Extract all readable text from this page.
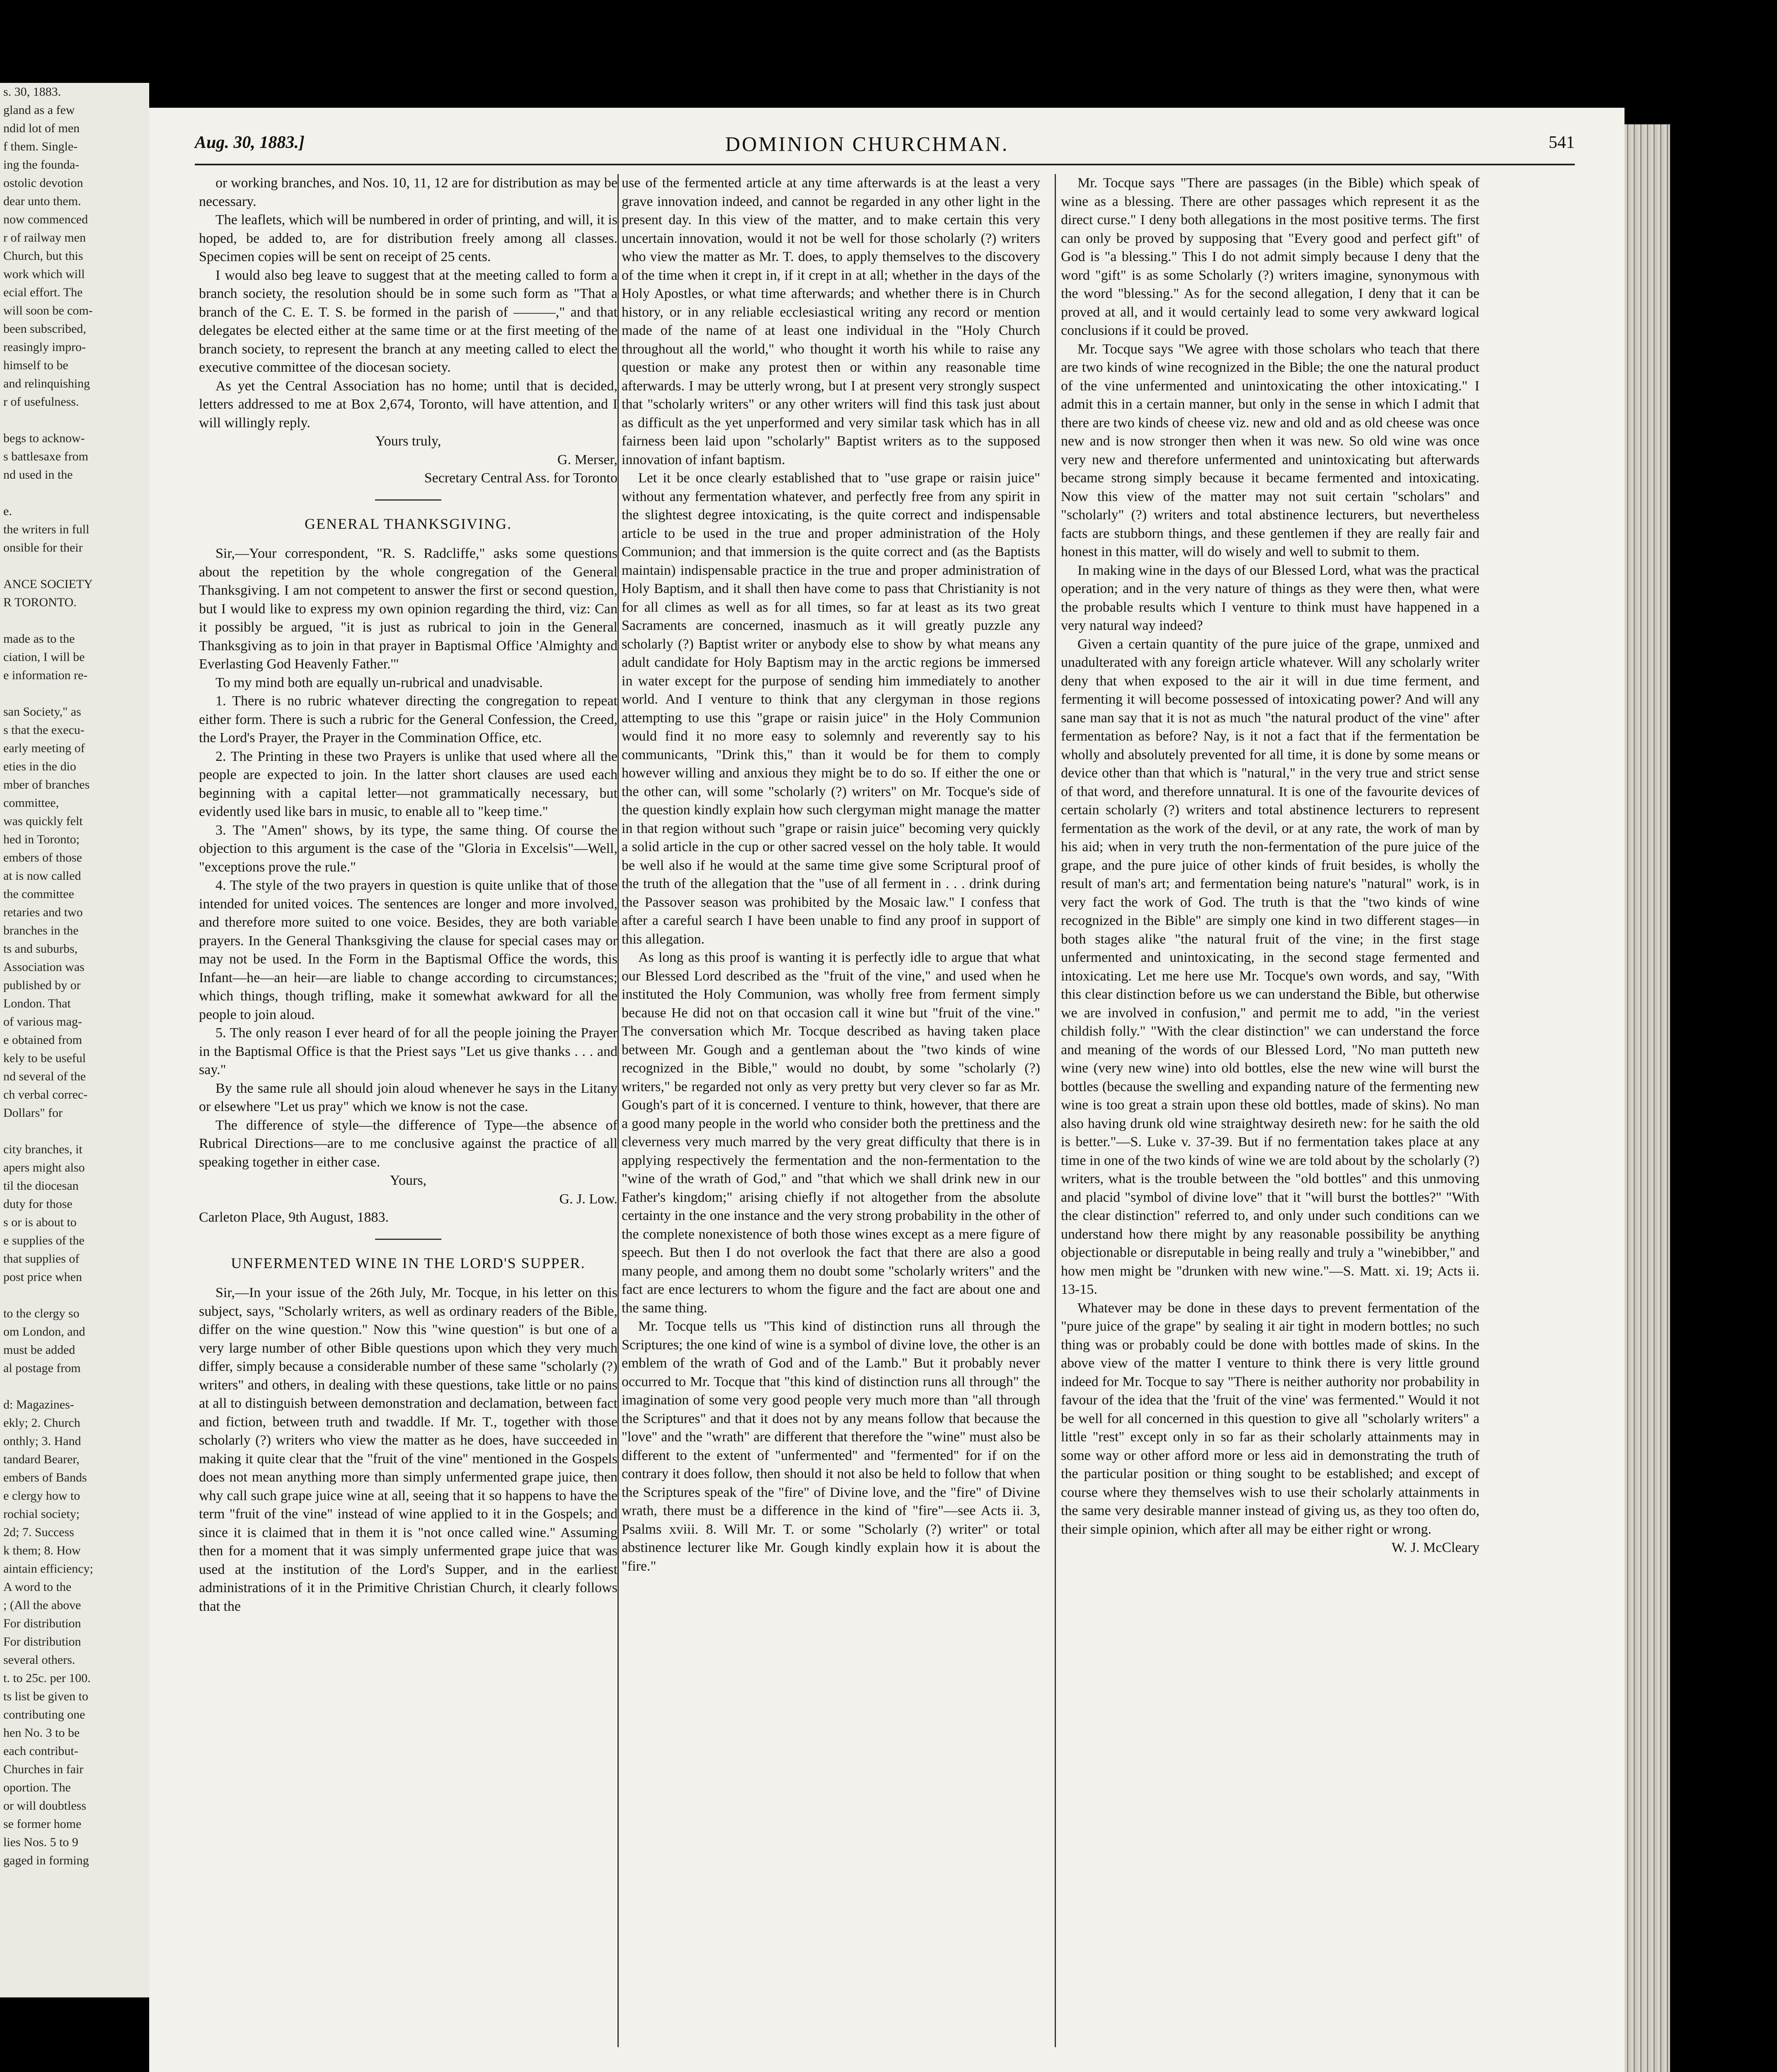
s. 30, 1883.
gland as a few
ndid lot of men
f them. Single-
ing the founda-
ostolic devotion
dear unto them.
now commenced
r of railway men
Church, but this
work which will
ecial effort. The
will soon be com-
been subscribed,
reasingly impro-
himself to be
and relinquishing
r of usefulness.

begs to acknow-
s battlesaxe from
nd used in the

e.
the writers in full
onsible for their

ANCE SOCIETY
R TORONTO.

made as to the
ciation, I will be
e information re-

san Society," as
s that the execu-
early meeting of
eties in the dio
mber of branches
committee,
was quickly felt
hed in Toronto;
embers of those
at is now called
the committee
retaries and two
branches in the
ts and suburbs,
Association was
published by or
London. That
of various mag-
e obtained from
kely to be useful
nd several of the
ch verbal correc-
Dollars" for

city branches, it
apers might also
til the diocesan
duty for those
s or is about to
e supplies of the
that supplies of
post price when

to the clergy so
om London, and
must be added
al postage from

d: Magazines-
ekly; 2. Church
onthly; 3. Hand
tandard Bearer,
embers of Bands
e clergy how to
rochial society;
2d; 7. Success
k them; 8. How
aintain efficiency;
A word to the
; (All the above
For distribution
For distribution
several others.
t. to 25c. per 100.
ts list be given to
contributing one
hen No. 3 to be
each contribut-
Churches in fair
oportion. The
or will doubtless
se former home
lies Nos. 5 to 9
gaged in forming
Aug. 30, 1883.]	DOMINION CHURCHMAN.	541

or working branches, and Nos. 10, 11, 12 are for distribution as may be necessary.

The leaflets, which will be numbered in order of printing, and will, it is hoped, be added to, are for distribution freely among all classes. Specimen copies will be sent on receipt of 25 cents.

I would also beg leave to suggest that at the meeting called to form a branch society, the resolution should be in some such form as "That a branch of the C. E. T. S. be formed in the parish of ———," and that delegates be elected either at the same time or at the first meeting of the branch society, to represent the branch at any meeting called to elect the executive committee of the diocesan society.

As yet the Central Association has no home; until that is decided, letters addressed to me at Box 2,674, Toronto, will have attention, and I will willingly reply.

Yours truly,

G. Merser,

Secretary Central Ass. for Toronto

GENERAL THANKSGIVING.

Sir,—Your correspondent, "R. S. Radcliffe," asks some questions about the repetition by the whole congregation of the General Thanksgiving. I am not competent to answer the first or second question, but I would like to express my own opinion regarding the third, viz: Can it possibly be argued, "it is just as rubrical to join in the General Thanksgiving as to join in that prayer in Baptismal Office 'Almighty and Everlasting God Heavenly Father.'"

To my mind both are equally un-rubrical and unadvisable.

1. There is no rubric whatever directing the congregation to repeat either form. There is such a rubric for the General Confession, the Creed, the Lord's Prayer, the Prayer in the Commination Office, etc.

2. The Printing in these two Prayers is unlike that used where all the people are expected to join. In the latter short clauses are used each beginning with a capital letter—not grammatically necessary, but evidently used like bars in music, to enable all to "keep time."

3. The "Amen" shows, by its type, the same thing. Of course the objection to this argument is the case of the "Gloria in Excelsis"—Well, "exceptions prove the rule."

4. The style of the two prayers in question is quite unlike that of those intended for united voices. The sentences are longer and more involved, and therefore more suited to one voice. Besides, they are both variable prayers. In the General Thanksgiving the clause for special cases may or may not be used. In the Form in the Baptismal Office the words, this Infant—he—an heir—are liable to change according to circumstances; which things, though trifling, make it somewhat awkward for all the people to join aloud.

5. The only reason I ever heard of for all the people joining the Prayer in the Baptismal Office is that the Priest says "Let us give thanks . . . and say."

By the same rule all should join aloud whenever he says in the Litany or elsewhere "Let us pray" which we know is not the case.

The difference of style—the difference of Type—the absence of Rubrical Directions—are to me conclusive against the practice of all speaking together in either case.

Yours,

G. J. Low.

Carleton Place, 9th August, 1883.

UNFERMENTED WINE IN THE LORD'S SUPPER.

Sir,—In your issue of the 26th July, Mr. Tocque, in his letter on this subject, says, "Scholarly writers, as well as ordinary readers of the Bible, differ on the wine question." Now this "wine question" is but one of a very large number of other Bible questions upon which they very much differ, simply because a considerable number of these same "scholarly (?) writers" and others, in dealing with these questions, take little or no pains at all to distinguish between demonstration and declamation, between fact and fiction, between truth and twaddle. If Mr. T., together with those scholarly (?) writers who view the matter as he does, have succeeded in making it quite clear that the "fruit of the vine" mentioned in the Gospels does not mean anything more than simply unfermented grape juice, then why call such grape juice wine at all, seeing that it so happens to have the term "fruit of the vine" instead of wine applied to it in the Gospels; and since it is claimed that in them it is "not once called wine." Assuming then for a moment that it was simply unfermented grape juice that was used at the institution of the Lord's Supper, and in the earliest administrations of it in the Primitive Christian Church, it clearly follows that the

use of the fermented article at any time afterwards is at the least a very grave innovation indeed, and cannot be regarded in any other light in the present day. In this view of the matter, and to make certain this very uncertain innovation, would it not be well for those scholarly (?) writers who view the matter as Mr. T. does, to apply themselves to the discovery of the time when it crept in, if it crept in at all; whether in the days of the Holy Apostles, or what time afterwards; and whether there is in Church history, or in any reliable ecclesiastical writing any record or mention made of the name of at least one individual in the "Holy Church throughout all the world," who thought it worth his while to raise any question or make any protest then or within any reasonable time afterwards. I may be utterly wrong, but I at present very strongly suspect that "scholarly writers" or any other writers will find this task just about as difficult as the yet unperformed and very similar task which has in all fairness been laid upon "scholarly" Baptist writers as to the supposed innovation of infant baptism.

Let it be once clearly established that to "use grape or raisin juice" without any fermentation whatever, and perfectly free from any spirit in the slightest degree intoxicating, is the quite correct and indispensable article to be used in the true and proper administration of the Holy Communion; and that immersion is the quite correct and (as the Baptists maintain) indispensable practice in the true and proper administration of Holy Baptism, and it shall then have come to pass that Christianity is not for all climes as well as for all times, so far at least as its two great Sacraments are concerned, inasmuch as it will greatly puzzle any scholarly (?) Baptist writer or anybody else to show by what means any adult candidate for Holy Baptism may in the arctic regions be immersed in water except for the purpose of sending him immediately to another world. And I venture to think that any clergyman in those regions attempting to use this "grape or raisin juice" in the Holy Communion would find it no more easy to solemnly and reverently say to his communicants, "Drink this," than it would be for them to comply however willing and anxious they might be to do so. If either the one or the other can, will some "scholarly (?) writers" on Mr. Tocque's side of the question kindly explain how such clergyman might manage the matter in that region without such "grape or raisin juice" becoming very quickly a solid article in the cup or other sacred vessel on the holy table. It would be well also if he would at the same time give some Scriptural proof of the truth of the allegation that the "use of all ferment in . . . drink during the Passover season was prohibited by the Mosaic law." I confess that after a careful search I have been unable to find any proof in support of this allegation.

As long as this proof is wanting it is perfectly idle to argue that what our Blessed Lord described as the "fruit of the vine," and used when he instituted the Holy Communion, was wholly free from ferment simply because He did not on that occasion call it wine but "fruit of the vine." The conversation which Mr. Tocque described as having taken place between Mr. Gough and a gentleman about the "two kinds of wine recognized in the Bible," would no doubt, by some "scholarly (?) writers," be regarded not only as very pretty but very clever so far as Mr. Gough's part of it is concerned. I venture to think, however, that there are a good many people in the world who consider both the prettiness and the cleverness very much marred by the very great difficulty that there is in applying respectively the fermentation and the non-fermentation to the "wine of the wrath of God," and "that which we shall drink new in our Father's kingdom;" arising chiefly if not altogether from the absolute certainty in the one instance and the very strong probability in the other of the complete nonexistence of both those wines except as a mere figure of speech. But then I do not overlook the fact that there are also a good many people, and among them no doubt some "scholarly writers" and the fact are ence lecturers to whom the figure and the fact are about one and the same thing.

Mr. Tocque tells us "This kind of distinction runs all through the Scriptures; the one kind of wine is a symbol of divine love, the other is an emblem of the wrath of God and of the Lamb." But it probably never occurred to Mr. Tocque that "this kind of distinction runs all through" the imagination of some very good people very much more than "all through the Scriptures" and that it does not by any means follow that because the "love" and the "wrath" are different that therefore the "wine" must also be different to the extent of "unfermented" and "fermented" for if on the contrary it does follow, then should it not also be held to follow that when the Scriptures speak of the "fire" of Divine love, and the "fire" of Divine wrath, there must be a difference in the kind of "fire"—see Acts ii. 3, Psalms xviii. 8. Will Mr. T. or some "Scholarly (?) writer" or total abstinence lecturer like Mr. Gough kindly explain how it is about the "fire."

Mr. Tocque says "There are passages (in the Bible) which speak of wine as a blessing. There are other passages which represent it as the direct curse." I deny both allegations in the most positive terms. The first can only be proved by supposing that "Every good and perfect gift" of God is "a blessing." This I do not admit simply because I deny that the word "gift" is as some Scholarly (?) writers imagine, synonymous with the word "blessing." As for the second allegation, I deny that it can be proved at all, and it would certainly lead to some very awkward logical conclusions if it could be proved.

Mr. Tocque says "We agree with those scholars who teach that there are two kinds of wine recognized in the Bible; the one the natural product of the vine unfermented and unintoxicating the other intoxicating." I admit this in a certain manner, but only in the sense in which I admit that there are two kinds of cheese viz. new and old and as old cheese was once new and is now stronger then when it was new. So old wine was once very new and therefore unfermented and unintoxicating but afterwards became strong simply because it became fermented and intoxicating. Now this view of the matter may not suit certain "scholars" and "scholarly" (?) writers and total abstinence lecturers, but nevertheless facts are stubborn things, and these gentlemen if they are really fair and honest in this matter, will do wisely and well to submit to them.

In making wine in the days of our Blessed Lord, what was the practical operation; and in the very nature of things as they were then, what were the probable results which I venture to think must have happened in a very natural way indeed?

Given a certain quantity of the pure juice of the grape, unmixed and unadulterated with any foreign article whatever. Will any scholarly writer deny that when exposed to the air it will in due time ferment, and fermenting it will become possessed of intoxicating power? And will any sane man say that it is not as much "the natural product of the vine" after fermentation as before? Nay, is it not a fact that if the fermentation be wholly and absolutely prevented for all time, it is done by some means or device other than that which is "natural," in the very true and strict sense of that word, and therefore unnatural. It is one of the favourite devices of certain scholarly (?) writers and total abstinence lecturers to represent fermentation as the work of the devil, or at any rate, the work of man by his aid; when in very truth the non-fermentation of the pure juice of the grape, and the pure juice of other kinds of fruit besides, is wholly the result of man's art; and fermentation being nature's "natural" work, is in very fact the work of God. The truth is that the "two kinds of wine recognized in the Bible" are simply one kind in two different stages—in both stages alike "the natural fruit of the vine; in the first stage unfermented and unintoxicating, in the second stage fermented and intoxicating. Let me here use Mr. Tocque's own words, and say, "With this clear distinction before us we can understand the Bible, but otherwise we are involved in confusion," and permit me to add, "in the veriest childish folly." "With the clear distinction" we can understand the force and meaning of the words of our Blessed Lord, "No man putteth new wine (very new wine) into old bottles, else the new wine will burst the bottles (because the swelling and expanding nature of the fermenting new wine is too great a strain upon these old bottles, made of skins). No man also having drunk old wine straightway desireth new: for he saith the old is better."—S. Luke v. 37-39. But if no fermentation takes place at any time in one of the two kinds of wine we are told about by the scholarly (?) writers, what is the trouble between the "old bottles" and this unmoving and placid "symbol of divine love" that it "will burst the bottles?" "With the clear distinction" referred to, and only under such conditions can we understand how there might by any reasonable possibility be anything objectionable or disreputable in being really and truly a "winebibber," and how men might be "drunken with new wine."—S. Matt. xi. 19; Acts ii. 13-15.

Whatever may be done in these days to prevent fermentation of the "pure juice of the grape" by sealing it air tight in modern bottles; no such thing was or probably could be done with bottles made of skins. In the above view of the matter I venture to think there is very little ground indeed for Mr. Tocque to say "There is neither authority nor probability in favour of the idea that the 'fruit of the vine' was fermented." Would it not be well for all concerned in this question to give all "scholarly writers" a little "rest" except only in so far as their scholarly attainments may in some way or other afford more or less aid in demonstrating the truth of the particular position or thing sought to be established; and except of course where they themselves wish to use their scholarly attainments in the same very desirable manner instead of giving us, as they too often do, their simple opinion, which after all may be either right or wrong.

W. J. McCleary
